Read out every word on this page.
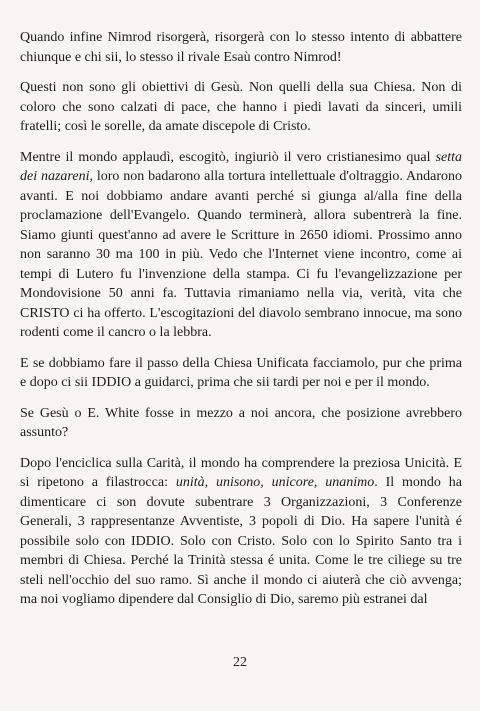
Quando infine Nimrod risorgerà, risorgerà con lo stesso intento di abbattere chiunque e chi sii, lo stesso il rivale Esaù contro Nimrod!

Questi non sono gli obiettivi di Gesù. Non quelli della sua Chiesa. Non di coloro che sono calzati di pace, che hanno i piedi lavati da sinceri, umili fratelli; così le sorelle, da amate discepole di Cristo.

Mentre il mondo applaudì, escogitò, ingiuriò il vero cristianesimo qual setta dei nazareni, loro non badarono alla tortura intellettuale d'oltraggio. Andarono avanti. E noi dobbiamo andare avanti perché si giunga al/alla fine della proclamazione dell'Evangelo. Quando terminerà, allora subentrerà la fine. Siamo giunti quest'anno ad avere le Scritture in 2650 idiomi. Prossimo anno non saranno 30 ma 100 in più. Vedo che l'Internet viene incontro, come ai tempi di Lutero fu l'invenzione della stampa. Ci fu l'evangelizzazione per Mondovisione 50 anni fa. Tuttavia rimaniamo nella via, verità, vita che CRISTO ci ha offerto. L'escogitazioni del diavolo sembrano innocue, ma sono rodenti come il cancro o la lebbra.

E se dobbiamo fare il passo della Chiesa Unificata facciamolo, pur che prima e dopo ci sii IDDIO a guidarci, prima che sii tardi per noi e per il mondo.

Se Gesù o E. White fosse in mezzo a noi ancora, che posizione avrebbero assunto?

Dopo l'enciclica sulla Carità, il mondo ha comprendere la preziosa Unicità. E si ripetono a filastrocca: unità, unisono, unicore, unanimo. Il mondo ha dimenticare ci son dovute subentrare 3 Organizzazioni, 3 Conferenze Generali, 3 rappresentanze Avventiste, 3 popoli di Dio. Ha sapere l'unità é possibile solo con IDDIO. Solo con Cristo. Solo con lo Spirito Santo tra i membri di Chiesa. Perché la Trinità stessa é unita. Come le tre ciliege su tre steli nell'occhio del suo ramo. Sì anche il mondo ci aiuterà che ciò avvenga; ma noi vogliamo dipendere dal Consiglio di Dio, saremo più estranei dal

22
